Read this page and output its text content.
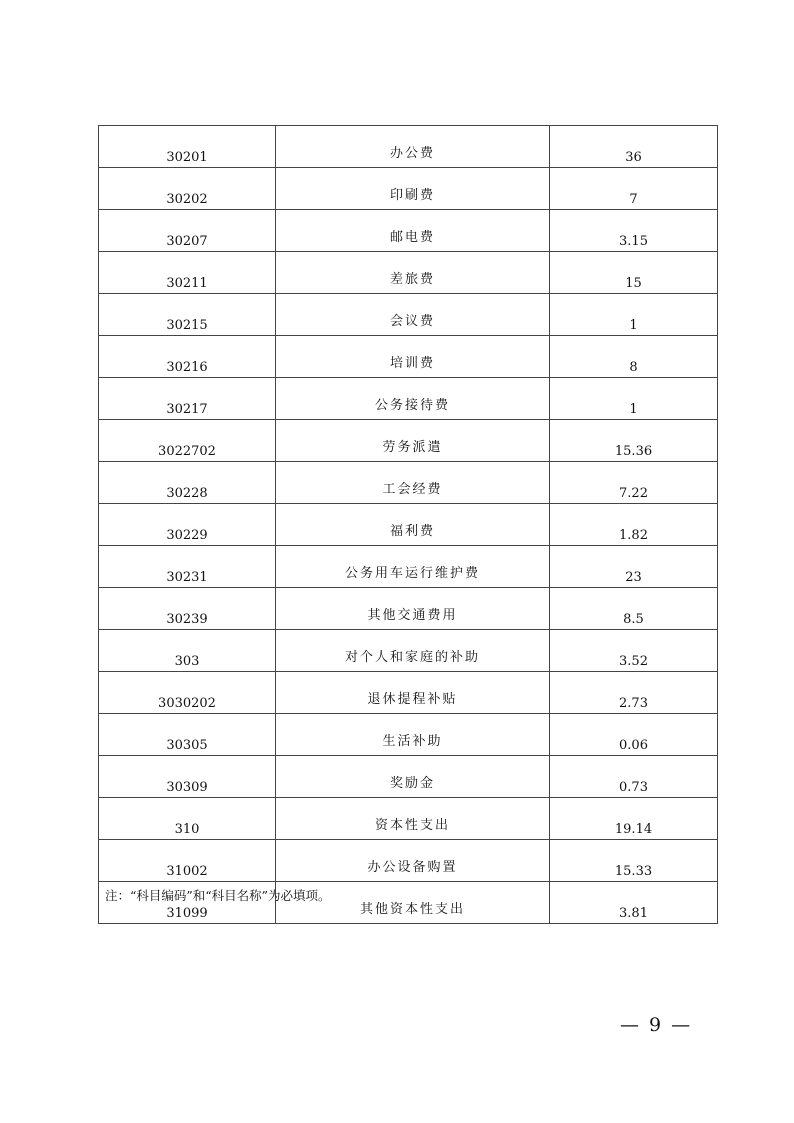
30201	办公费	36
30202	印刷费	7
30207	邮电费	3.15
30211	差旅费	15
30215	会议费	1
30216	培训费	8
30217	公务接待费	1
3022702	劳务派遣	15.36
30228	工会经费	7.22
30229	福利费	1.82
30231	公务用车运行维护费	23
30239	其他交通费用	8.5
303	对个人和家庭的补助	3.52
3030202	退休提程补贴	2.73
30305	生活补助	0.06
30309	奖励金	0.73
310	资本性支出	19.14
31002	办公设备购置	15.33
31099	其他资本性支出	3.81
注：“科目编码”和“科目名称”为必填项。
— 9 —
